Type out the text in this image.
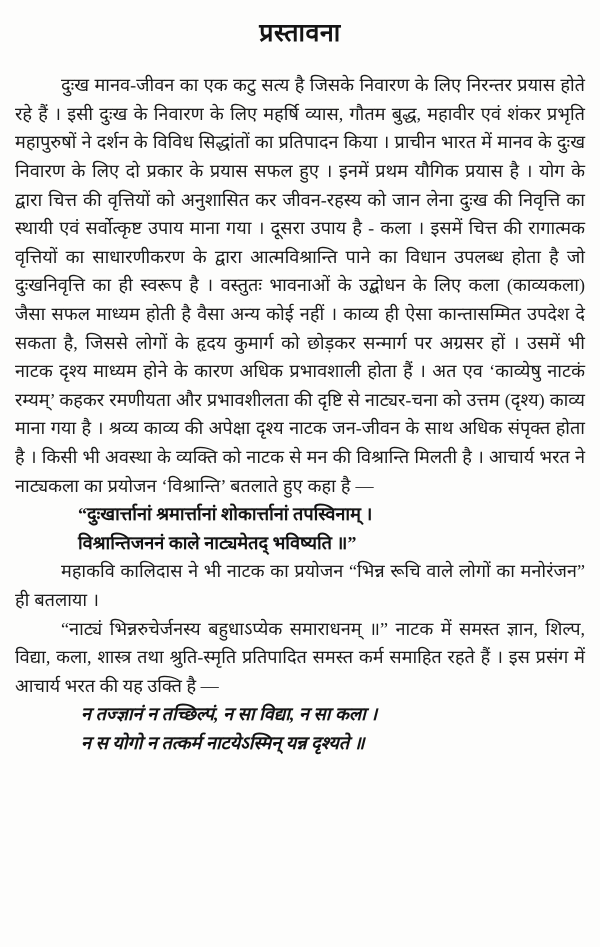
प्रस्तावना

दुःख मानव-जीवन का एक कटु सत्य है जिसके निवारण के लिए निरन्तर प्रयास होते रहे हैं । इसी दुःख के निवारण के लिए महर्षि व्यास, गौतम बुद्ध, महावीर एवं शंकर प्रभृति महापुरुषों ने दर्शन के विविध सिद्धांतों का प्रतिपादन किया । प्राचीन भारत में मानव के दुःख निवारण के लिए दो प्रकार के प्रयास सफल हुए । इनमें प्रथम यौगिक प्रयास है । योग के द्वारा चित्त की वृत्तियों को अनुशासित कर जीवन-रहस्य को जान लेना दुःख की निवृत्ति का स्थायी एवं सर्वोत्कृष्ट उपाय माना गया । दूसरा उपाय है - कला । इसमें चित्त की रागात्मक वृत्तियों का साधारणीकरण के द्वारा आत्मविश्रान्ति पाने का विधान उपलब्ध होता है जो दुःखनिवृत्ति का ही स्वरूप है । वस्तुतः भावनाओं के उद्बोधन के लिए कला (काव्यकला) जैसा सफल माध्यम होती है वैसा अन्य कोई नहीं । काव्य ही ऐसा कान्तासम्मित उपदेश दे सकता है, जिससे लोगों के हृदय कुमार्ग को छोड़कर सन्मार्ग पर अग्रसर हों । उसमें भी नाटक दृश्य माध्यम होने के कारण अधिक प्रभावशाली होता हैं । अत एव ‘काव्येषु नाटकं रम्यम्’ कहकर रमणीयता और प्रभावशीलता की दृष्टि से नाट्यर-चना को उत्तम (दृश्य) काव्य माना गया है । श्रव्य काव्य की अपेक्षा दृश्य नाटक जन-जीवन के साथ अधिक संपृक्त होता है । किसी भी अवस्था के व्यक्ति को नाटक से मन की विश्रान्ति मिलती है । आचार्य भरत ने नाट्यकला का प्रयोजन ‘विश्रान्ति’ बतलाते हुए कहा है —

“दुःखार्त्तानां श्रमार्त्तानां शोकार्त्तानां तपस्विनाम् ।
विश्रान्तिजननं काले नाट्यमेतद् भविष्यति ॥”

महाकवि कालिदास ने भी नाटक का प्रयोजन “भिन्न रूचि वाले लोगों का मनोरंजन” ही बतलाया ।

“नाट्यं भिन्नरुचेर्जनस्य बहुधाऽप्येक समाराधनम् ॥” नाटक में समस्त ज्ञान, शिल्प, विद्या, कला, शास्त्र तथा श्रुति-स्मृति प्रतिपादित समस्त कर्म समाहित रहते हैं । इस प्रसंग में आचार्य भरत की यह उक्ति है —

न तज्ज्ञानं न तच्छिल्पं, न सा विद्या, न सा कला ।
न स योगो न तत्कर्म नाटयेऽस्मिन् यन्न दृश्यते ॥
